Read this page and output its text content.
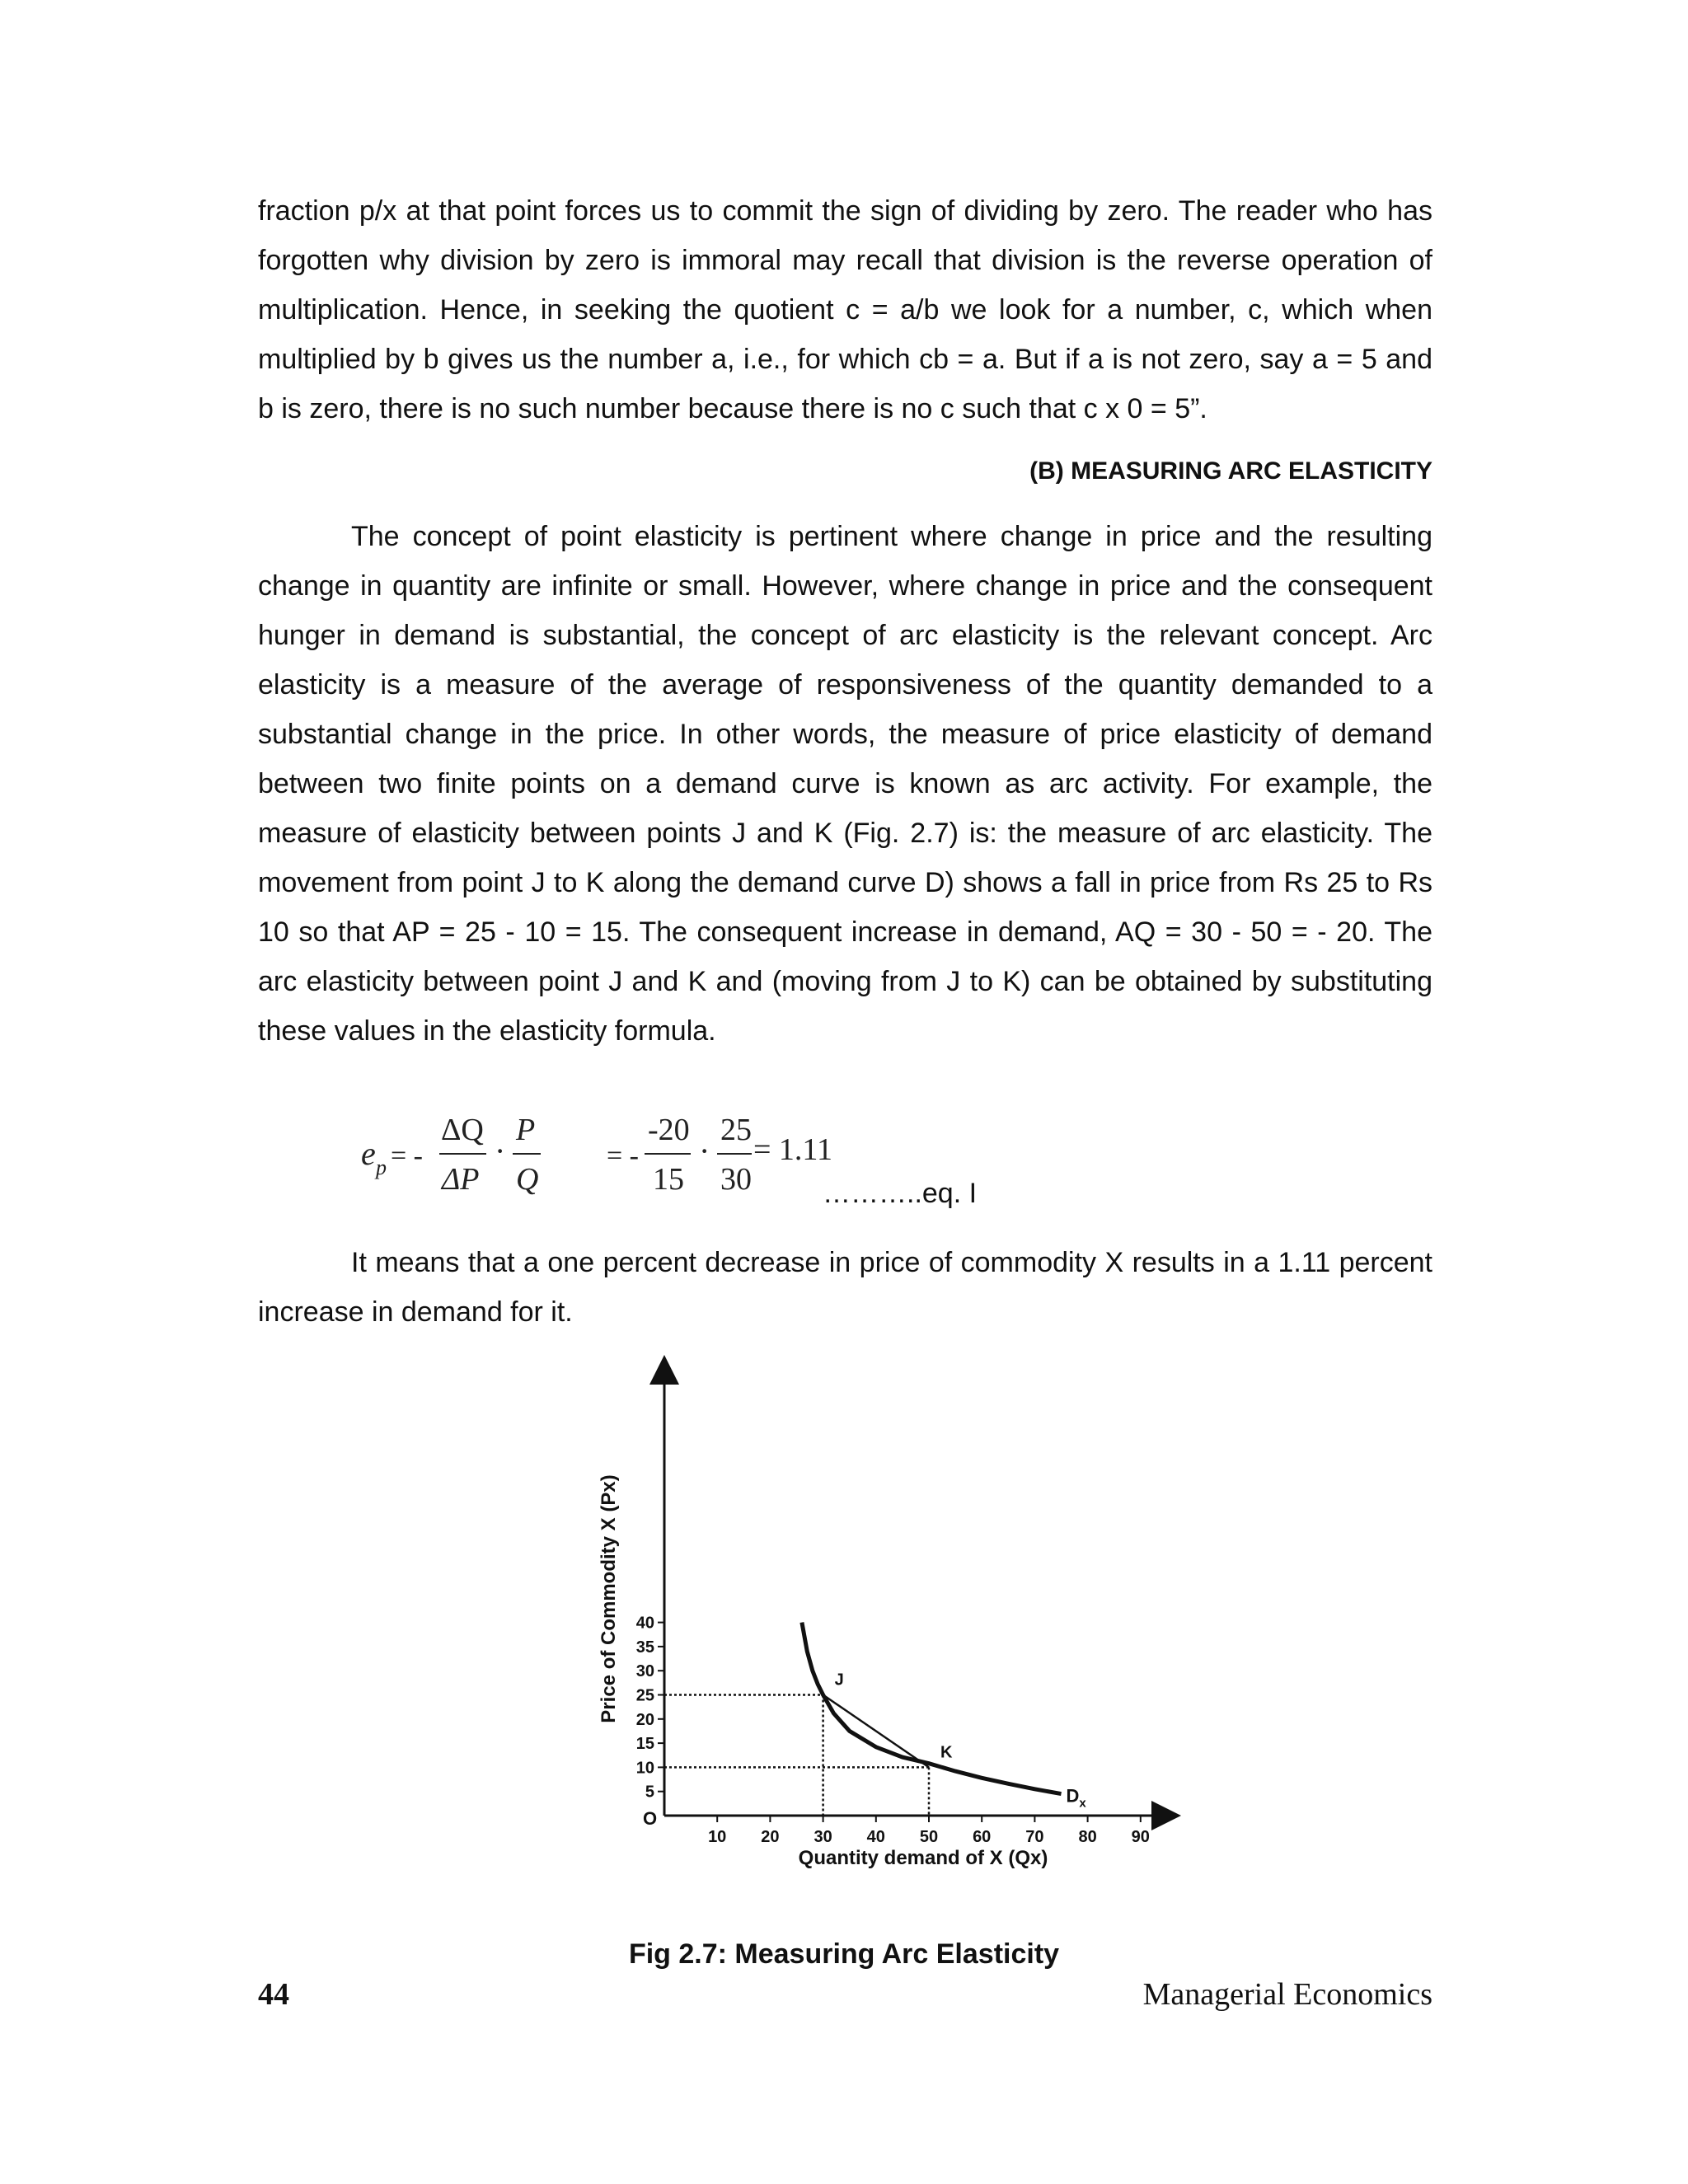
fraction p/x at that point forces us to commit the sign of dividing by zero. The reader who has forgotten why division by zero is immoral may recall that division is the reverse operation of multiplication. Hence, in seeking the quotient c = a/b we look for a number, c, which when multiplied by b gives us the number a, i.e., for which cb = a. But if a is not zero, say a = 5 and b is zero, there is no such number because there is no c such that c x 0 = 5”.

(B) MEASURING ARC ELASTICITY

The concept of point elasticity is pertinent where change in price and the resulting change in quantity are infinite or small. However, where change in price and the consequent hunger in demand is substantial, the concept of arc elasticity is the relevant concept. Arc elasticity is a measure of the average of responsiveness of the quantity demanded to a substantial change in the price. In other words, the measure of price elasticity of demand between two finite points on a demand curve is known as arc activity. For example, the measure of elasticity between points J and K (Fig. 2.7) is: the measure of arc elasticity. The movement from point J to K along the demand curve D) shows a fall in price from Rs 25 to Rs 10 so that AP = 25 - 10 = 15. The consequent increase in demand, AQ = 30 - 50 = - 20. The arc elasticity between point J and K and (moving from J to K) can be obtained by substituting these values in the elasticity formula.

e p = -
ΔQ
ΔP
·
P
Q
= -
-20
15
·
25
30
= 1.11
………..eq. I

It means that a one percent decrease in price of commodity X results in a 1.11 percent increase in demand for it.

O
5
10
15
20
25
30
35
40
10 20 30 40 50 60 70 80 90
J
K
$D_x$
Quantity demand of X (Qx)
Price of Commodity X (Px)
Fig 2.7: Measuring Arc Elasticity
44	Managerial Economics
